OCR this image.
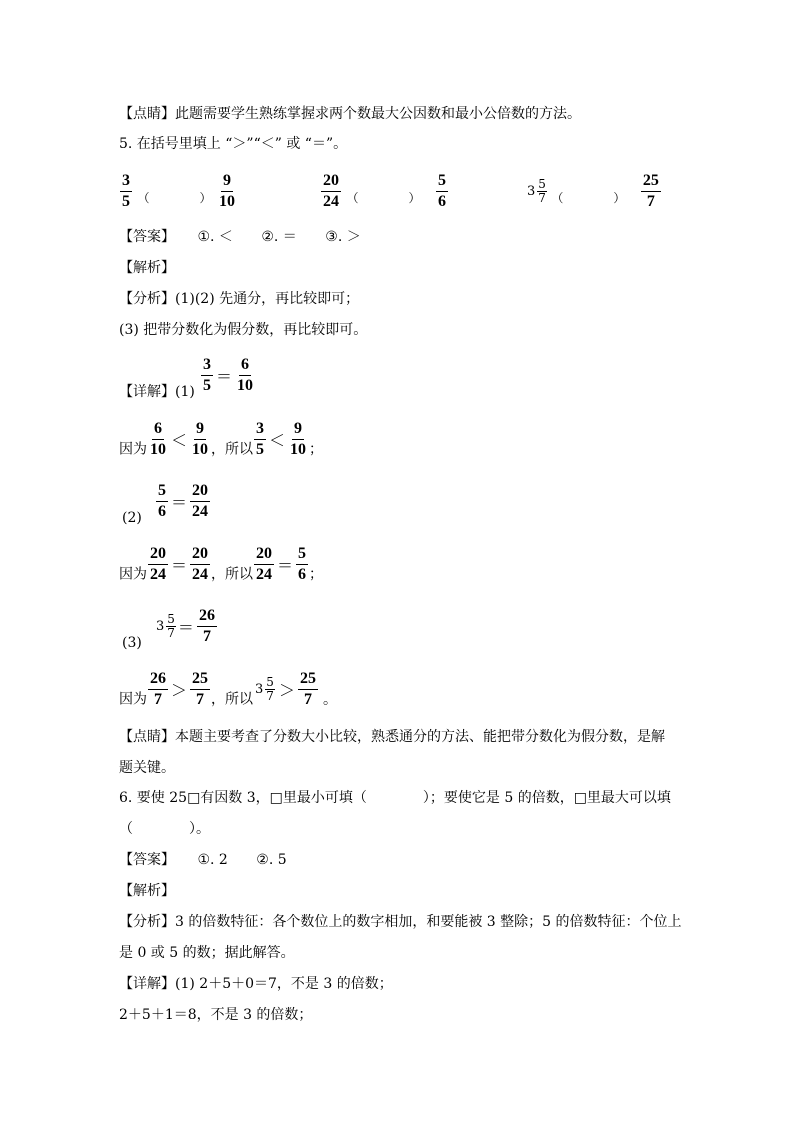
【点睛】此题需要学生熟练掌握求两个数最大公因数和最小公倍数的方法。
5. 在括号里填上 “＞”“＜” 或 “＝”。
$\frac{3}{5}$ （	） $\frac{9}{10}$	$\frac{20}{24}$ （	） $\frac{5}{6}$	$3 \frac{5}{7}$ （	） $\frac{25}{7}$
【答案】 ①. ＜ ②. ＝ ③. ＞
【解析】
【分析】(1)(2) 先通分，再比较即可；
(3) 把带分数化为假分数，再比较即可。
【详解】$(1) \frac{3}{5} = \frac{6}{10}$
因为 $\frac{6}{10} < \frac{9}{10}$ ，所以 $\frac{3}{5} < \frac{9}{10}$ ；
$(2) \frac{5}{6} = \frac{20}{24}$
因为 $\frac{20}{24} = \frac{20}{24}$ ，所以 $\frac{20}{24} = \frac{5}{6}$ ；
(3)
$3 \frac{5}{7} = \frac{26}{7}$
因为 $\frac{26}{7} > \frac{25}{7}$ ，所以
$3 \frac{5}{7} > \frac{25}{7}$ 。
【点睛】本题主要考查了分数大小比较，熟悉通分的方法、能把带分数化为假分数，是解
题关键。
6. 要使 25□有因数 3，□里最小可填（　　　　）；要使它是 5 的倍数，□里最大可以填
（　　　　）。
【答案】 ①. 2 ②. 5
【解析】
【分析】3 的倍数特征：各个数位上的数字相加，和要能被 3 整除；5 的倍数特征：个位上
是 0 或 5 的数；据此解答。
【详解】(1) 2＋5＋0＝7，不是 3 的倍数；
2＋5＋1＝8，不是 3 的倍数；
